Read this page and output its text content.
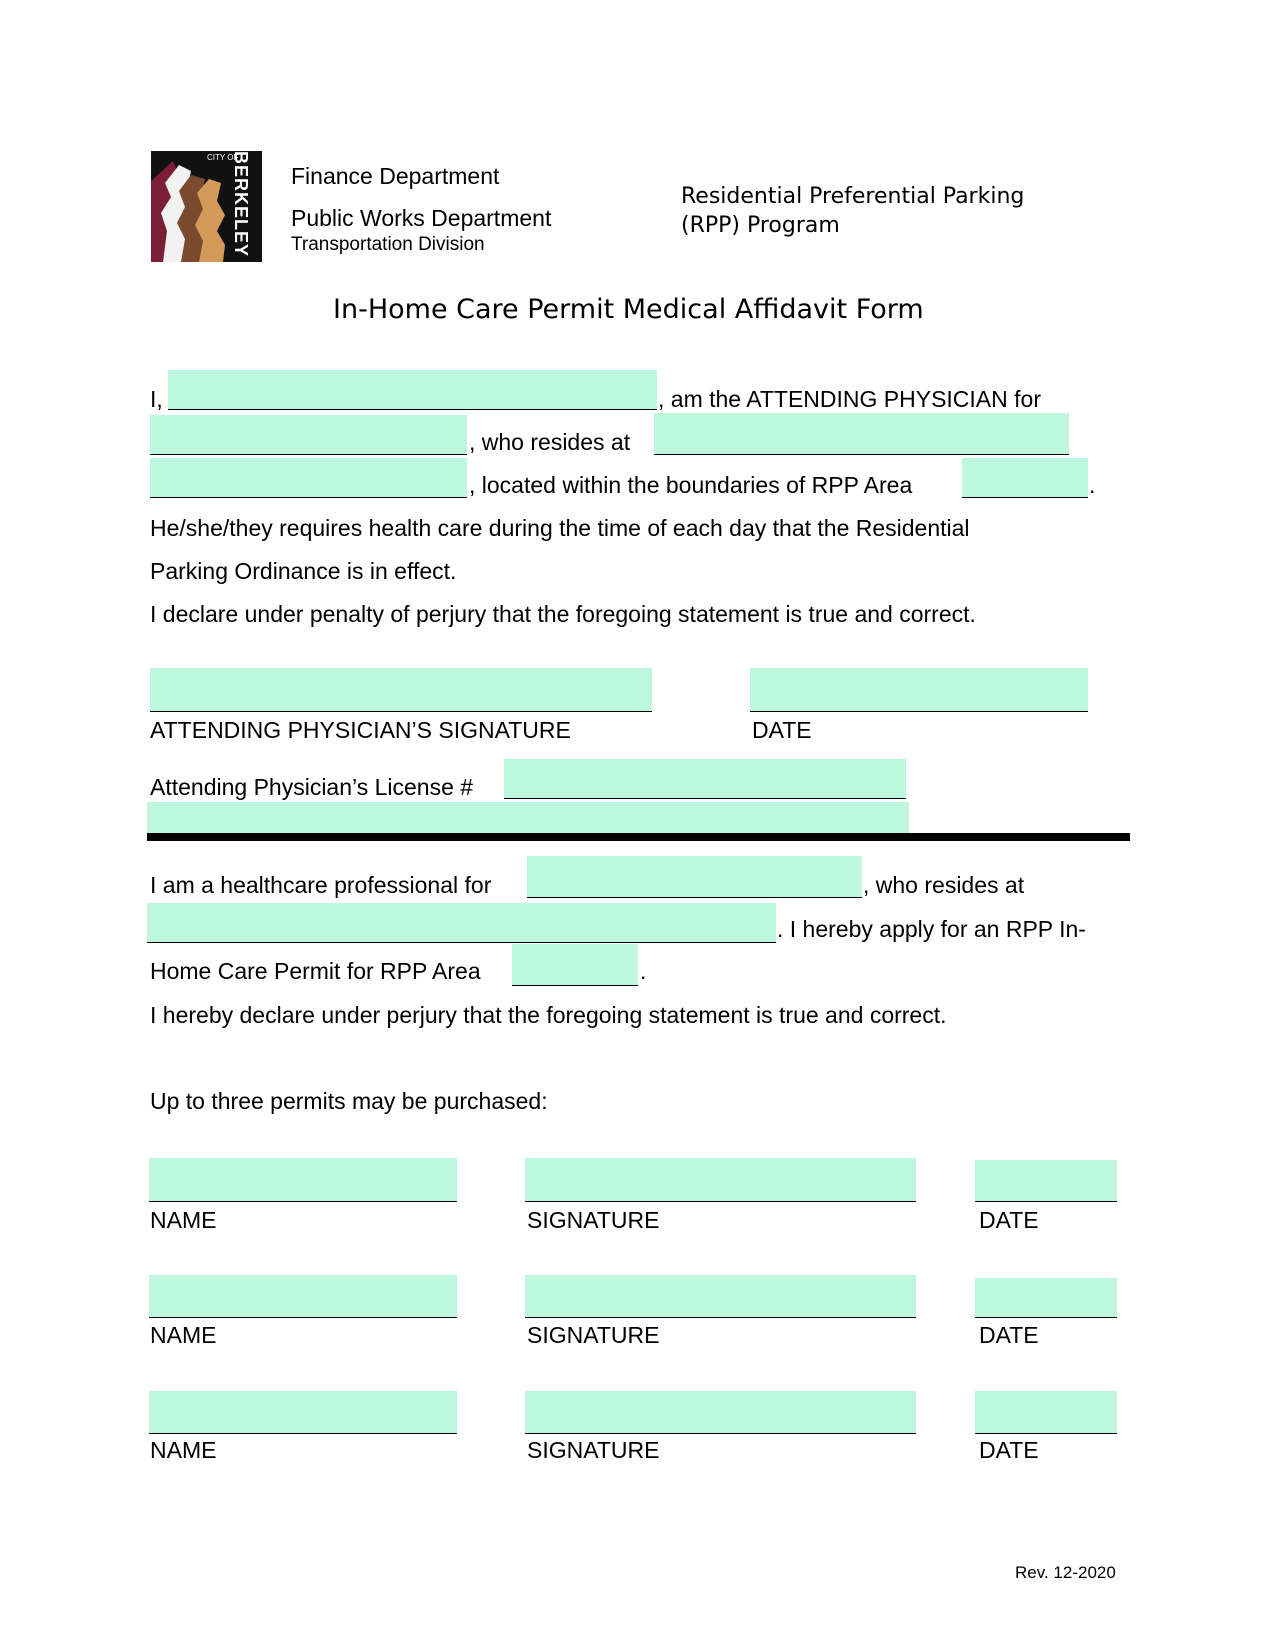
CITY OF
BERKELEY Finance Department
Public Works Department
Transportation Division
Residential Preferential Parking
(RPP) Program
In-Home Care Permit Medical Affidavit Form
I,	, am the ATTENDING PHYSICIAN for
, who resides at
, located within the boundaries of RPP Area	.
He/she/they requires health care during the time of each day that the Residential
Parking Ordinance is in effect.
I declare under penalty of perjury that the foregoing statement is true and correct.
ATTENDING PHYSICIAN’S SIGNATURE	DATE
Attending Physician’s License #
I am a healthcare professional for	, who resides at
. I hereby apply for an RPP In-
Home Care Permit for RPP Area	.
I hereby declare under perjury that the foregoing statement is true and correct.
Up to three permits may be purchased:
NAME	SIGNATURE	DATE
NAME	SIGNATURE	DATE
NAME	SIGNATURE	DATE
Rev. 12-2020
